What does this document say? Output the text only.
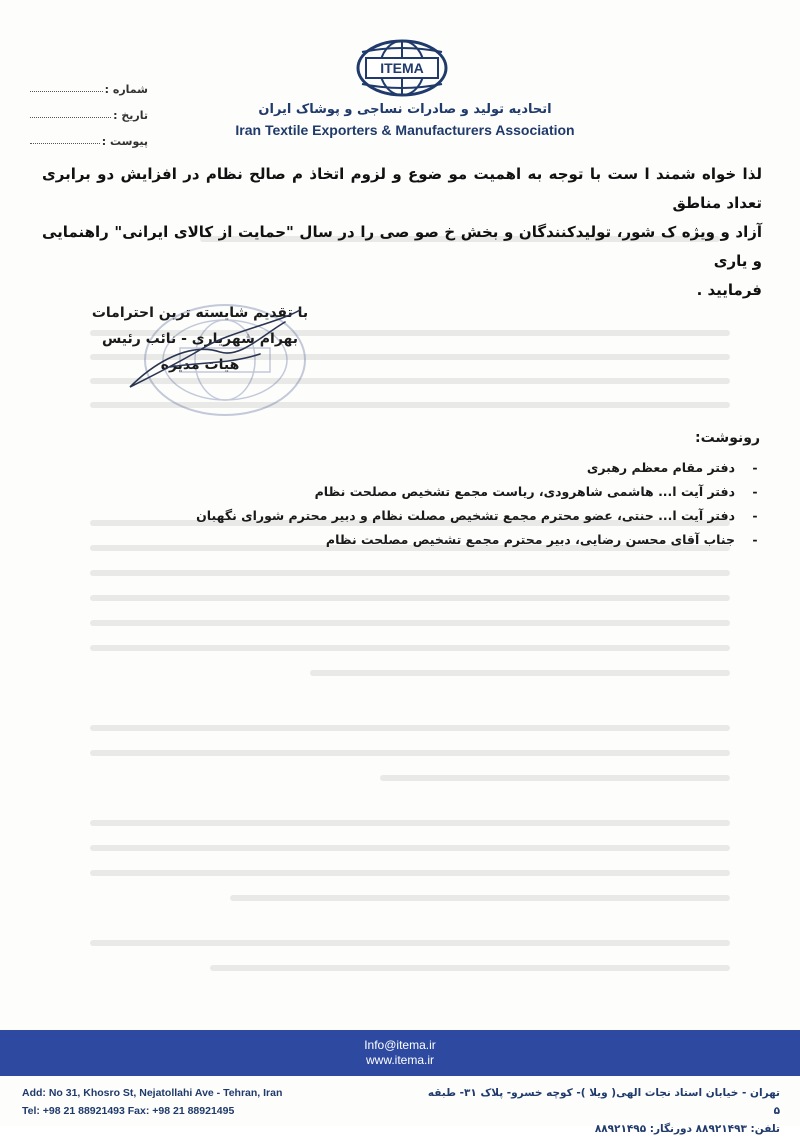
ITEMA
اتحادیه تولید و صادرات نساجی و پوشاک ایران
Iran Textile Exporters & Manufacturers Association
شماره :
تاریخ :
پیوست :
لذا خواه شمند ا ست با توجه به اهمیت مو ضوع و لزوم اتخاذ م صالح نظام در افزایش دو برابری تعداد مناطق
آزاد و ویژه ک شور، تولیدکنندگان و بخش خ صو صی را در سال "حمایت از کالای ایرانی" راهنمایی و یاری
فرمایید .
با تقدیم شایسته ترین احترامات
بهرام شهریاری - نائب رئیس هیات مدیره
رونوشت:
-
دفتر مقام معظم رهبری
-
دفتر آیت ا... هاشمی شاهرودی، ریاست مجمع تشخیص مصلحت نظام
-
دفتر آیت ا... حنتی، عضو محترم مجمع تشخیص مصلت نظام و دبیر محترم شورای نگهبان
-
جناب آقای محسن رضایی، دبیر محترم مجمع تشخیص مصلحت نظام
Info@itema.ir
www.itema.ir
Add: No 31, Khosro St, Nejatollahi Ave - Tehran, Iran
Tel: +98 21 88921493 Fax: +98 21 88921495
تهران - خیابان استاد نجات الهی( ویلا )- کوچه خسرو- پلاک ۳۱- طبقه ۵
تلفن: ۸۸۹۲۱۴۹۳ دورنگار: ۸۸۹۲۱۴۹۵
